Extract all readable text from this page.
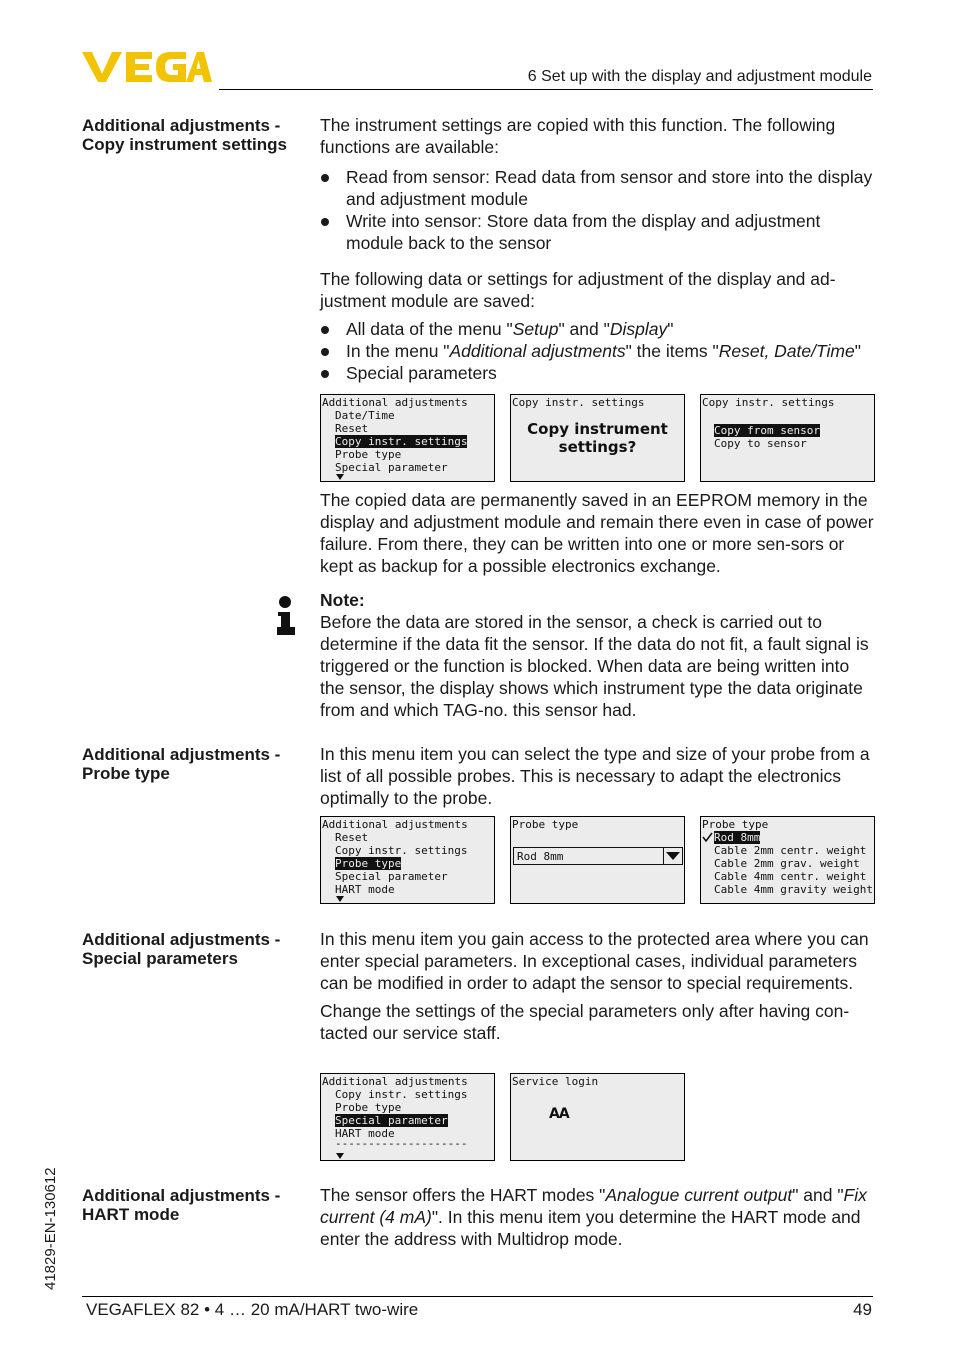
6 Set up with the display and adjustment module
Additional adjustments -
Copy instrument settings

The instrument settings are copied with this function. The following functions are available:

Read from sensor: Read data from sensor and store into the display and adjustment module
Write into sensor: Store data from the display and adjustment module back to the sensor

The following data or settings for adjustment of the display and ad-justment module are saved:

All data of the menu "Setup" and "Display"
In the menu "Additional adjustments" the items "Reset, Date/Time"
Special parameters
Additional adjustments
Date/Time
Reset
Copy instr. settings
Probe type
Special parameter
Copy instr. settings
Copy instrument
settings?
Copy instr. settings
Copy from sensor
Copy to sensor
The copied data are permanently saved in an EEPROM memory in the display and adjustment module and remain there even in case of power failure. From there, they can be written into one or more sen-sors or kept as backup for a possible electronics exchange.

Note:

Before the data are stored in the sensor, a check is carried out to determine if the data fit the sensor. If the data do not fit, a fault signal is triggered or the function is blocked. When data are being written into the sensor, the display shows which instrument type the data originate from and which TAG-no. this sensor had.

Additional adjustments -
Probe type
In this menu item you can select the type and size of your probe from a list of all possible probes. This is necessary to adapt the electronics optimally to the probe.
Additional adjustments
Reset
Copy instr. settings
Probe type
Special parameter
HART mode
Probe type
Rod 8mm
Probe type
Rod 8mm
Cable 2mm centr. weight
Cable 2mm grav. weight
Cable 4mm centr. weight
Cable 4mm gravity weight
Additional adjustments -
Special parameters

In this menu item you gain access to the protected area where you can enter special parameters. In exceptional cases, individual parameters can be modified in order to adapt the sensor to special requirements.

Change the settings of the special parameters only after having con-tacted our service staff.

Additional adjustments
Copy instr. settings
Probe type
Special parameter
HART mode
--------------------
Service login
AA
Additional adjustments -
HART mode
The sensor offers the HART modes "Analogue current output" and "Fix current (4 mA)". In this menu item you determine the HART mode and enter the address with Multidrop mode.
41829-EN-130612
VEGAFLEX 82 • 4 … 20 mA/HART two-wire	49
